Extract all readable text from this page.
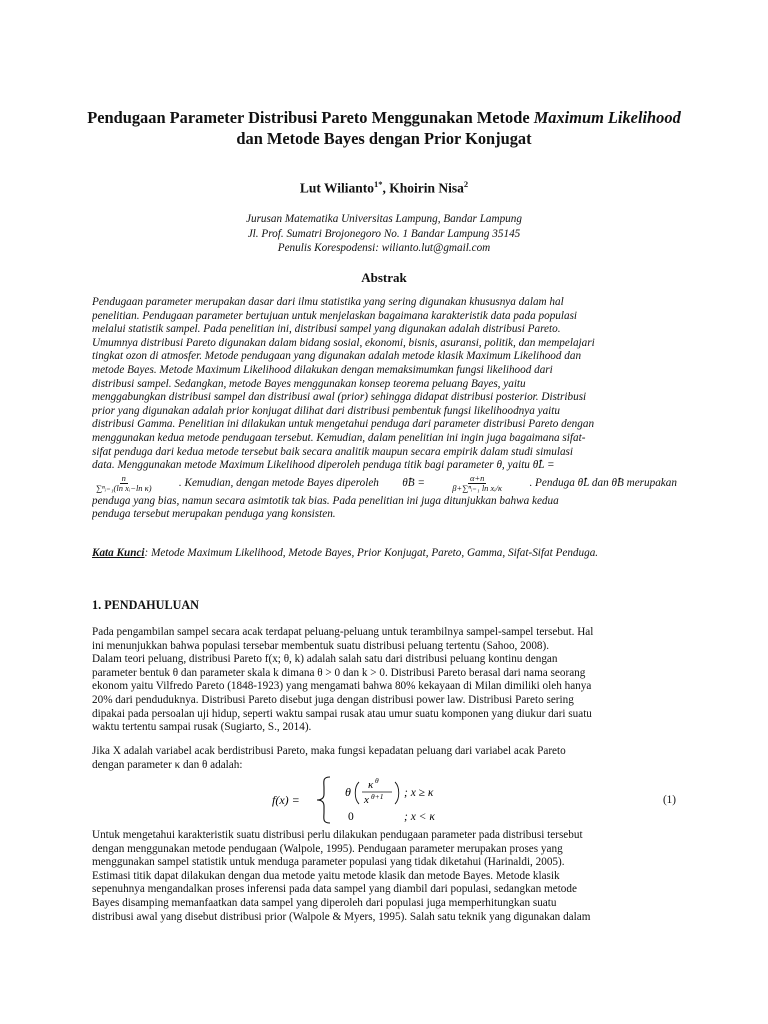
Pendugaan Parameter Distribusi Pareto Menggunakan Metode Maximum Likelihood dan Metode Bayes dengan Prior Konjugat
Lut Wilianto$^{1*}$, Khoirin Nisa$^2$
Jurusan Matematika Universitas Lampung, Bandar Lampung
Jl. Prof. Sumatri Brojonegoro No. 1 Bandar Lampung 35145
Penulis Korespodensi: wilianto.lut@gmail.com
Abstrak
Pendugaan parameter merupakan dasar dari ilmu statistika yang sering digunakan khususnya dalam hal
penelitian. Pendugaan parameter bertujuan untuk menjelaskan bagaimana karakteristik data pada populasi
melalui statistik sampel. Pada penelitian ini, distribusi sampel yang digunakan adalah distribusi Pareto.
Umumnya distribusi Pareto digunakan dalam bidang sosial, ekonomi, bisnis, asuransi, politik, dan mempelajari
tingkat ozon di atmosfer. Metode pendugaan yang digunakan adalah metode klasik Maximum Likelihood dan
metode Bayes. Metode Maximum Likelihood dilakukan dengan memaksimumkan fungsi likelihood dari
distribusi sampel. Sedangkan, metode Bayes menggunakan konsep teorema peluang Bayes, yaitu
menggabungkan distribusi sampel dan distribusi awal (prior) sehingga didapat distribusi posterior. Distribusi
prior yang digunakan adalah prior konjugat dilihat dari distribusi pembentuk fungsi likelihoodnya yaitu
distribusi Gamma. Penelitian ini dilakukan untuk mengetahui penduga dari parameter distribusi Pareto dengan
menggunakan kedua metode pendugaan tersebut. Kemudian, dalam penelitian ini ingin juga bagaimana sifat-
sifat penduga dari kedua metode tersebut baik secara analitik maupun secara empirik dalam studi simulasi
data. Menggunakan metode Maximum Likelihood diperoleh penduga titik bagi parameter θ, yaitu θ̂L =
$\frac{n}{\text{∑ⁿᵢ₌₁(ln xᵢ−ln κ)}}$ . Kemudian, dengan metode Bayes diperoleh θ̂B =	$\frac{\alpha+n}{\text{β+∑ⁿᵢ₌₁ ln xᵢ/κ}}$ . Penduga θ̂L dan θ̂B merupakan
penduga yang bias, namun secara asimtotik tak bias. Pada penelitian ini juga ditunjukkan bahwa kedua
penduga tersebut merupakan penduga yang konsisten.
Kata Kunci: Metode Maximum Likelihood, Metode Bayes, Prior Konjugat, Pareto, Gamma, Sifat-Sifat Penduga.
1. PENDAHULUAN
Pada pengambilan sampel secara acak terdapat peluang-peluang untuk terambilnya sampel-sampel tersebut. Hal
ini menunjukkan bahwa populasi tersebar membentuk suatu distribusi peluang tertentu (Sahoo, 2008).
Dalam teori peluang, distribusi Pareto f(x; θ, k) adalah salah satu dari distribusi peluang kontinu dengan
parameter bentuk θ dan parameter skala k dimana θ > 0 dan k > 0. Distribusi Pareto berasal dari nama seorang
ekonom yaitu Vilfredo Pareto (1848-1923) yang mengamati bahwa 80% kekayaan di Milan dimiliki oleh hanya
20% dari penduduknya. Distribusi Pareto disebut juga dengan distribusi power law. Distribusi Pareto sering
dipakai pada persoalan uji hidup, seperti waktu sampai rusak atau umur suatu komponen yang diukur dari suatu
waktu tertentu sampai rusak (Sugiarto, S., 2014).
Jika X adalah variabel acak berdistribusi Pareto, maka fungsi kepadatan peluang dari variabel acak Pareto
dengan parameter κ dan θ adalah:
f(x) =
θ κ θ
x θ+1 ; x ≥ κ
0	; x < κ
(1)
Untuk mengetahui karakteristik suatu distribusi perlu dilakukan pendugaan parameter pada distribusi tersebut
dengan menggunakan metode pendugaan (Walpole, 1995). Pendugaan parameter merupakan proses yang
menggunakan sampel statistik untuk menduga parameter populasi yang tidak diketahui (Harinaldi, 2005).
Estimasi titik dapat dilakukan dengan dua metode yaitu metode klasik dan metode Bayes. Metode klasik
sepenuhnya mengandalkan proses inferensi pada data sampel yang diambil dari populasi, sedangkan metode
Bayes disamping memanfaatkan data sampel yang diperoleh dari populasi juga memperhitungkan suatu
distribusi awal yang disebut distribusi prior (Walpole & Myers, 1995). Salah satu teknik yang digunakan dalam
